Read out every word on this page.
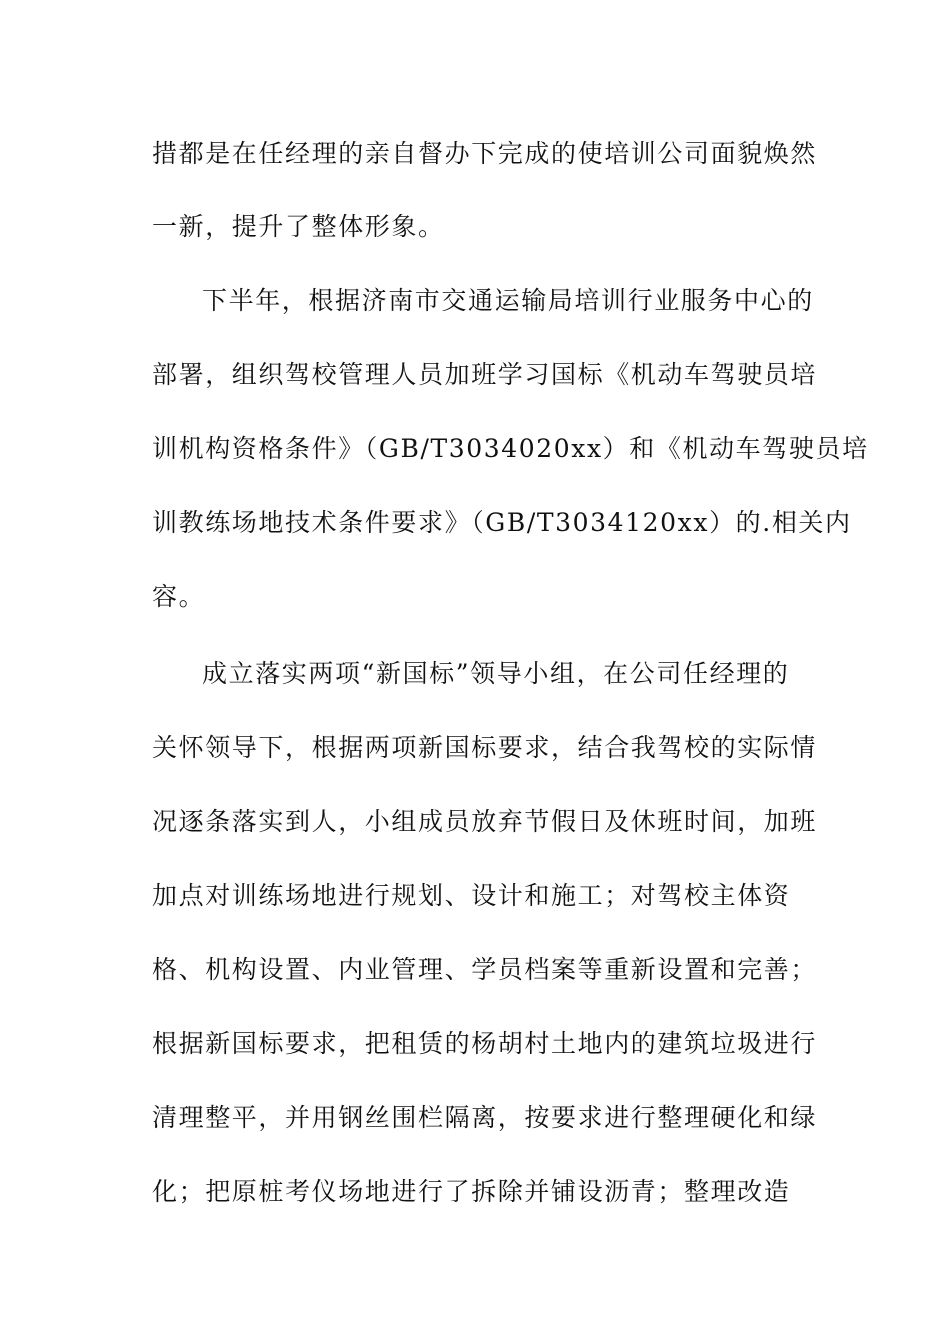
措都是在任经理的亲自督办下完成的使培训公司面貌焕然
一新，提升了整体形象。
下半年，根据济南市交通运输局培训行业服务中心的
部署，组织驾校管理人员加班学习国标《机动车驾驶员培
训机构资格条件》（GB/T3034020xx）和《机动车驾驶员培
训教练场地技术条件要求》（GB/T3034120xx）的.相关内
容。
成立落实两项“新国标”领导小组，在公司任经理的
关怀领导下，根据两项新国标要求，结合我驾校的实际情
况逐条落实到人，小组成员放弃节假日及休班时间，加班
加点对训练场地进行规划、设计和施工；对驾校主体资
格、机构设置、内业管理、学员档案等重新设置和完善；
根据新国标要求，把租赁的杨胡村土地内的建筑垃圾进行
清理整平，并用钢丝围栏隔离，按要求进行整理硬化和绿
化；把原桩考仪场地进行了拆除并铺设沥青；整理改造
